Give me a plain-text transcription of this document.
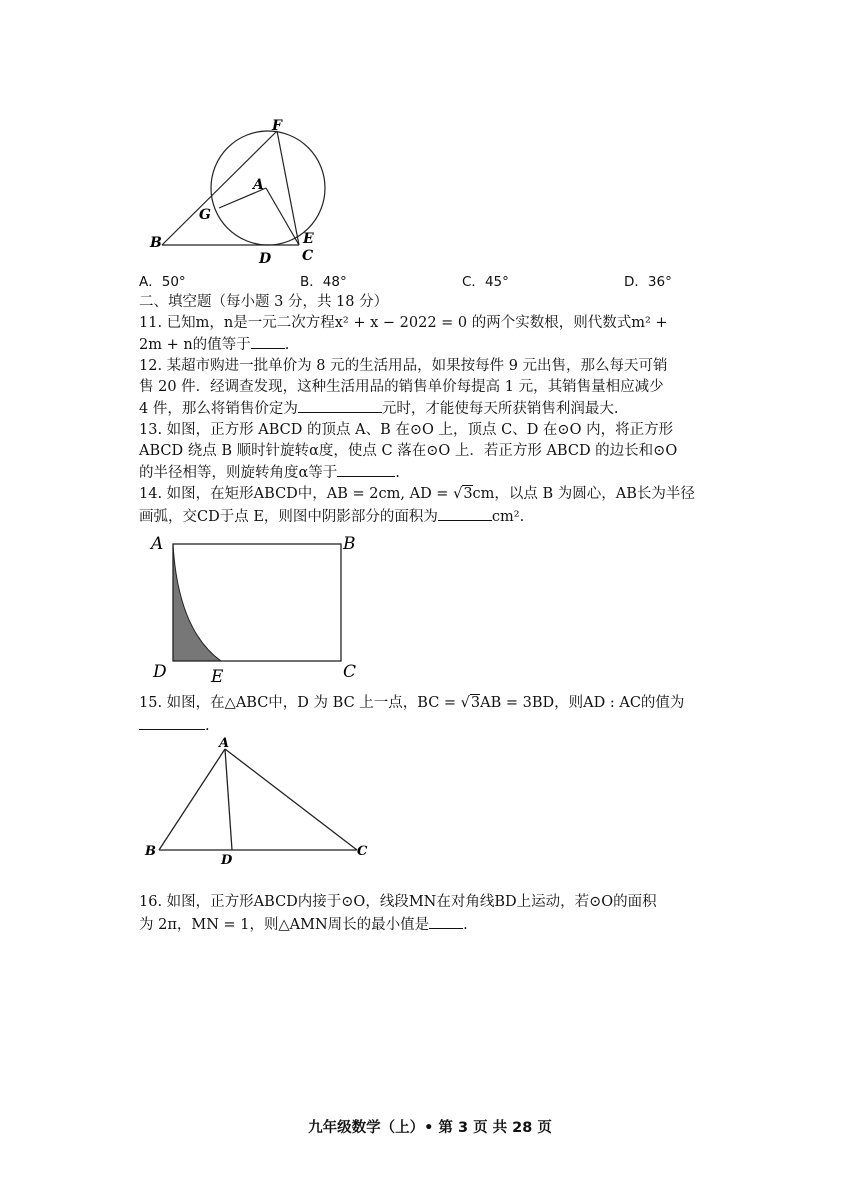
F
A
G
B
D
E
C
A．50°	B．48°	C．45°	D．36°
二、填空题（每小题 3 分，共 18 分）
11. 已知m，n是一元二次方程x² + x − 2022 = 0 的两个实数根，则代数式m² +
2m + n的值等于 .
12. 某超市购进一批单价为 8 元的生活用品，如果按每件 9 元出售，那么每天可销
售 20 件．经调查发现，这种生活用品的销售单价每提高 1 元，其销售量相应减少
4 件，那么将销售价定为	元时，才能使每天所获销售利润最大.
13. 如图，正方形 ABCD 的顶点 A、B 在⊙O 上，顶点 C、D 在⊙O 内，将正方形
ABCD 绕点 B 顺时针旋转α度，使点 C 落在⊙O 上．若正方形 ABCD 的边长和⊙O
的半径相等，则旋转角度α等于	.
14. 如图，在矩形ABCD中，AB = 2cm, AD = √3cm，以点 B 为圆心，AB长为半径
画弧，交CD于点 E，则图中阴影部分的面积为	cm².
A	B
D	E	C
15. 如图，在△ABC中，D 为 BC 上一点，BC = √3AB = 3BD，则AD : AC的值为
.
A
B
D
C
16. 如图，正方形ABCD内接于⊙O，线段MN在对角线BD上运动，若⊙O的面积
为 2π，MN = 1，则△AMN周长的最小值是 .
九年级数学（上）• 第 3 页 共 28 页
